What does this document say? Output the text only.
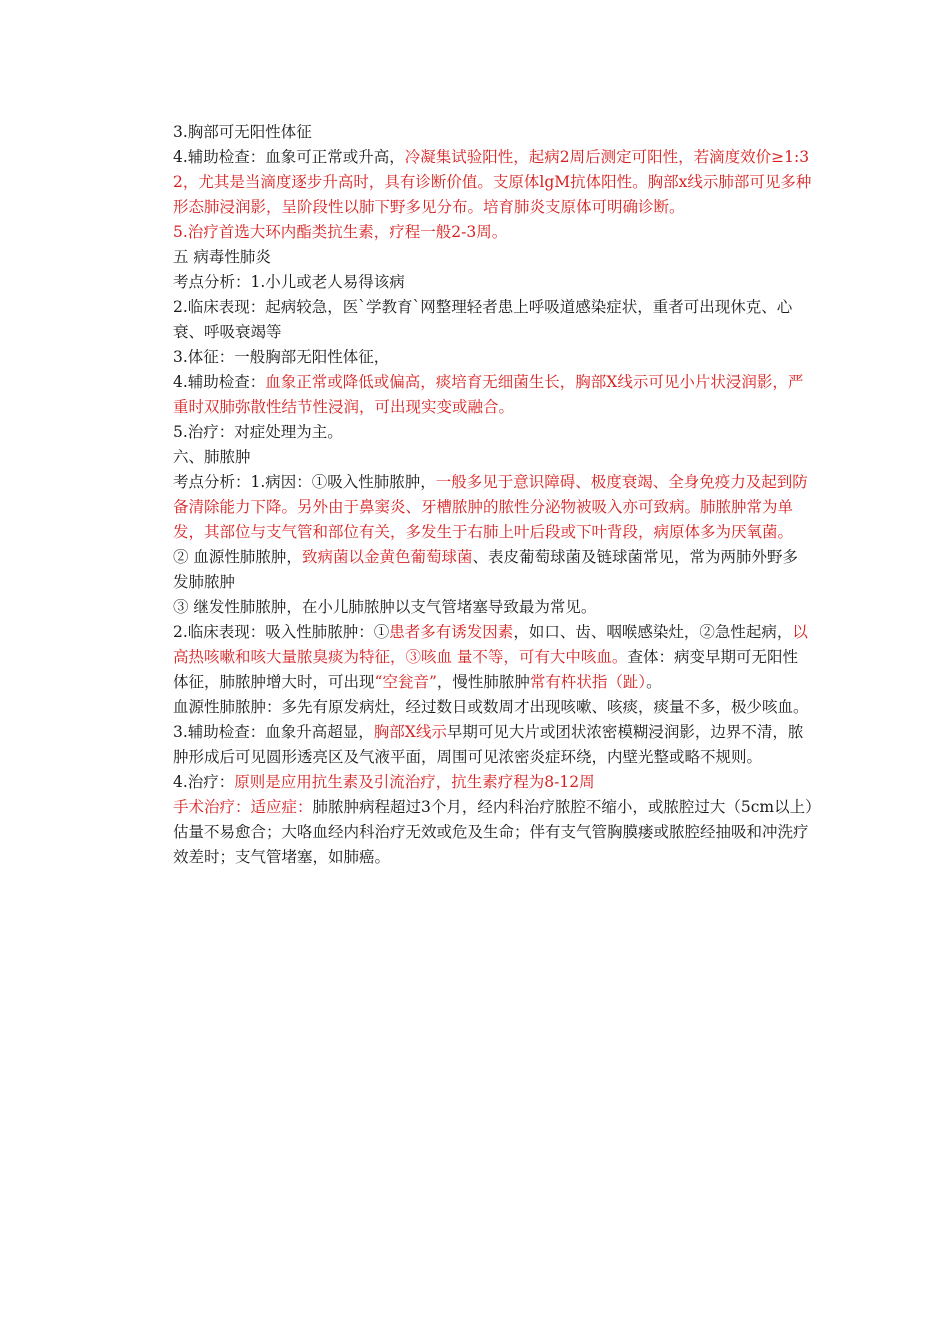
3.胸部可无阳性体征

4.辅助检查：血象可正常或升高，冷凝集试验阳性，起病2周后测定可阳性，若滴度效价≥1:32，尤其是当滴度逐步升高时，具有诊断价值。支原体lgM抗体阳性。胸部x线示肺部可见多种形态肺浸润影，呈阶段性以肺下野多见分布。培育肺炎支原体可明确诊断。

5.治疗首选大环内酯类抗生素，疗程一般2-3周。

五 病毒性肺炎

考点分析：1.小儿或老人易得该病

2.临床表现：起病较急，医`学教育`网整理轻者患上呼吸道感染症状，重者可出现休克、心衰、呼吸衰竭等

3.体征：一般胸部无阳性体征，

4.辅助检查：血象正常或降低或偏高，痰培育无细菌生长，胸部X线示可见小片状浸润影，严重时双肺弥散性结节性浸润，可出现实变或融合。

5.治疗：对症处理为主。

六、肺脓肿

考点分析：1.病因：①吸入性肺脓肿，一般多见于意识障碍、极度衰竭、全身免疫力及起到防备清除能力下降。另外由于鼻窦炎、牙槽脓肿的脓性分泌物被吸入亦可致病。肺脓肿常为单发，其部位与支气管和部位有关，多发生于右肺上叶后段或下叶背段，病原体多为厌氧菌。

② 血源性肺脓肿，致病菌以金黄色葡萄球菌、表皮葡萄球菌及链球菌常见，常为两肺外野多发肺脓肿

③ 继发性肺脓肿，在小儿肺脓肿以支气管堵塞导致最为常见。

2.临床表现：吸入性肺脓肿：①患者多有诱发因素，如口、齿、咽喉感染灶，②急性起病，以高热咳嗽和咳大量脓臭痰为特征，③咳血 量不等，可有大中咳血。查体：病变早期可无阳性体征，肺脓肿增大时，可出现“空瓮音”，慢性肺脓肿常有杵状指（趾）。

血源性肺脓肿：多先有原发病灶，经过数日或数周才出现咳嗽、咳痰，痰量不多，极少咳血。

3.辅助检查：血象升高超显，胸部X线示早期可见大片或团状浓密模糊浸润影，边界不清，脓肿形成后可见圆形透亮区及气液平面，周围可见浓密炎症环绕，内壁光整或略不规则。

4.治疗：原则是应用抗生素及引流治疗，抗生素疗程为8-12周

手术治疗：适应症：肺脓肿病程超过3个月，经内科治疗脓腔不缩小，或脓腔过大（5cm以上）估量不易愈合；大咯血经内科治疗无效或危及生命；伴有支气管胸膜瘘或脓腔经抽吸和冲洗疗效差时；支气管堵塞，如肺癌。
